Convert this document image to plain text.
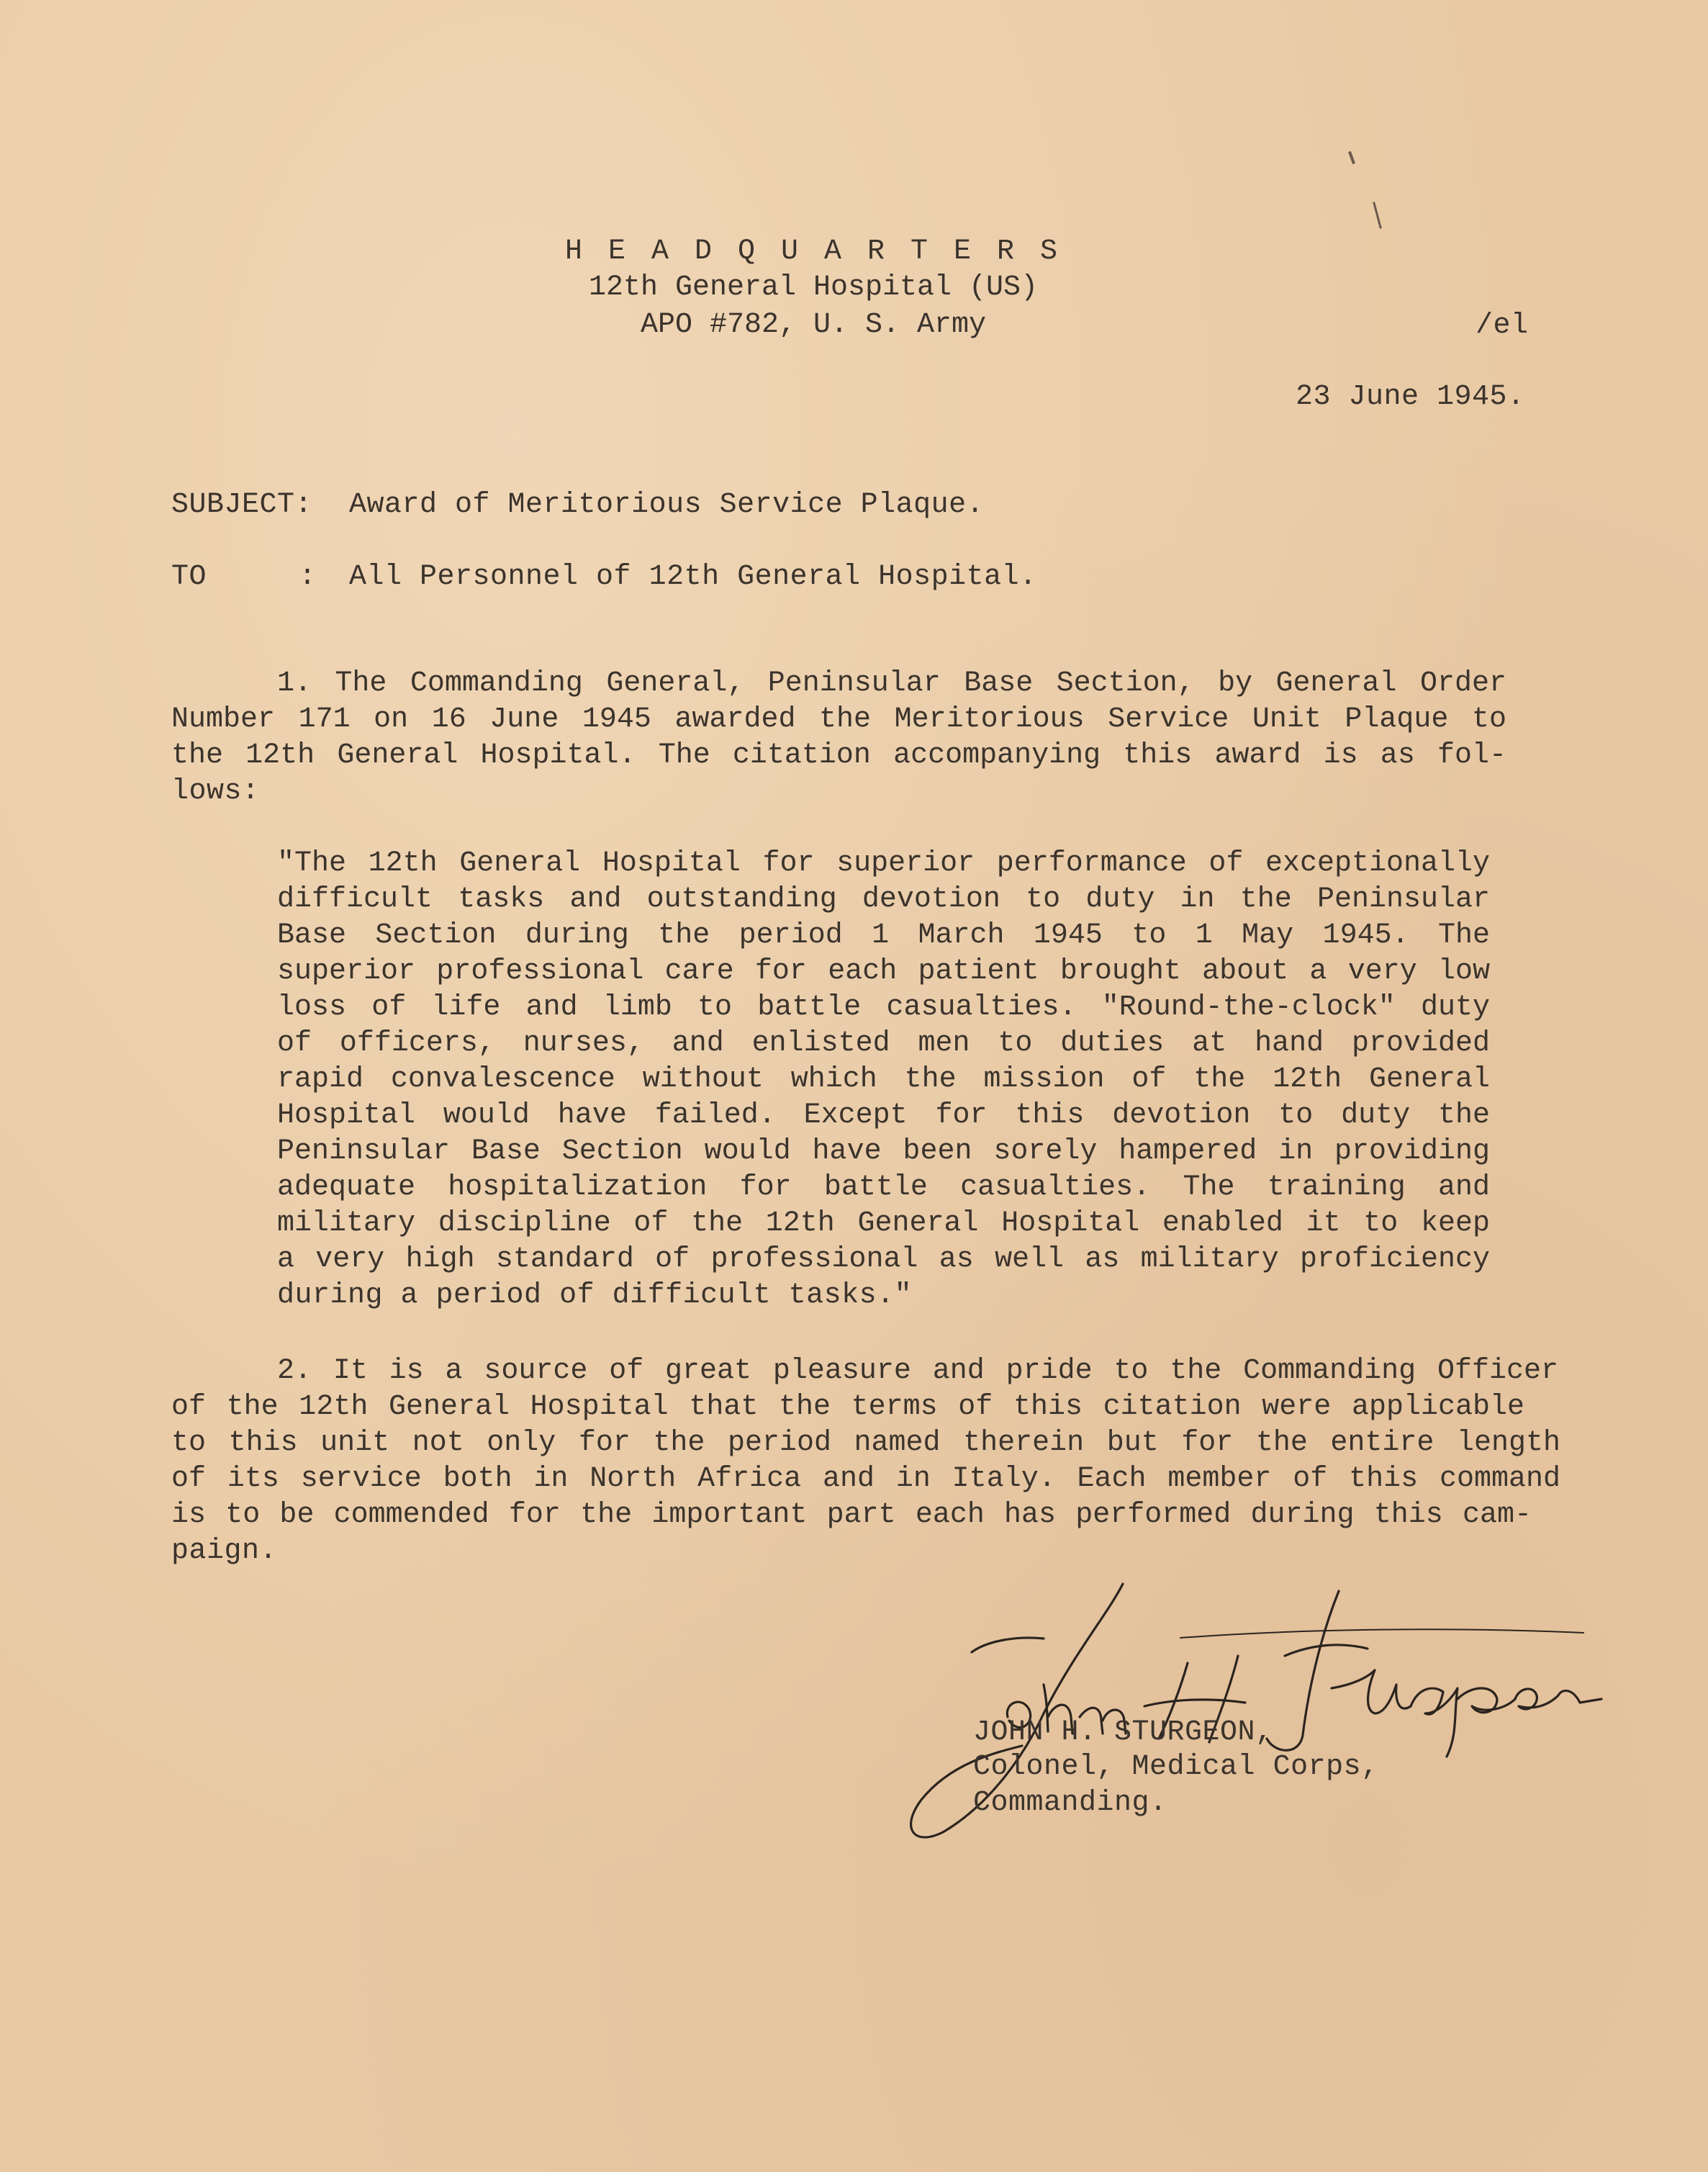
H E A D Q U A R T E R S
12th General Hospital (US)
APO #782, U. S. Army	/el
23 June 1945.
SUBJECT: Award of Meritorious Service Plaque.
TO	: All Personnel of 12th General Hospital.
1. The Commanding General, Peninsular Base Section, by General Order
Number 171 on 16 June 1945 awarded the Meritorious Service Unit Plaque to
the 12th General Hospital. The citation accompanying this award is as fol-
lows:
"The 12th General Hospital for superior performance of exceptionally
difficult tasks and outstanding devotion to duty in the Peninsular
Base Section during the period 1 March 1945 to 1 May 1945. The
superior professional care for each patient brought about a very low
loss of life and limb to battle casualties. "Round-the-clock" duty
of officers, nurses, and enlisted men to duties at hand provided
rapid convalescence without which the mission of the 12th General
Hospital would have failed. Except for this devotion to duty the
Peninsular Base Section would have been sorely hampered in providing
adequate hospitalization for battle casualties. The training and
military discipline of the 12th General Hospital enabled it to keep
a very high standard of professional as well as military proficiency
during a period of difficult tasks."
2. It is a source of great pleasure and pride to the Commanding Officer
of the 12th General Hospital that the terms of this citation were applicable
to this unit not only for the period named therein but for the entire length
of its service both in North Africa and in Italy. Each member of this command
is to be commended for the important part each has performed during this cam-
paign.
JOHN H. STURGEON,
Colonel, Medical Corps,
Commanding.
